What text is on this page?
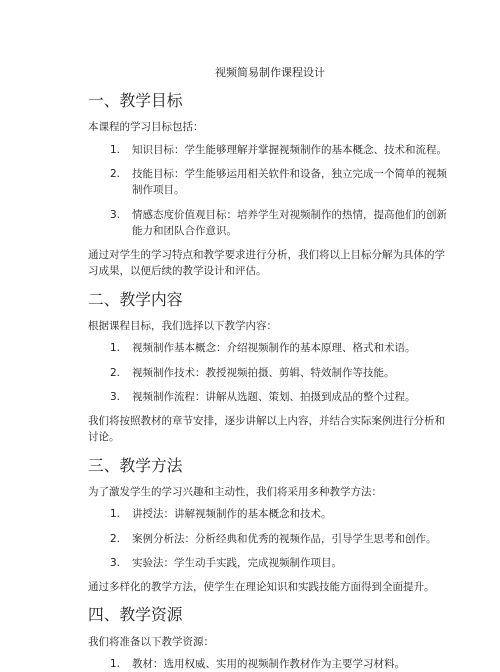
视频简易制作课程设计
一、教学目标

本课程的学习目标包括：

1. 知识目标：学生能够理解并掌握视频制作的基本概念、技术和流程。
2. 技能目标：学生能够运用相关软件和设备，独立完成一个简单的视频制作项目。
3. 情感态度价值观目标：培养学生对视频制作的热情，提高他们的创新能力和团队合作意识。

通过对学生的学习特点和教学要求进行分析，我们将以上目标分解为具体的学习成果，以便后续的教学设计和评估。

二、教学内容

根据课程目标，我们选择以下教学内容：

1. 视频制作基本概念：介绍视频制作的基本原理、格式和术语。
2. 视频制作技术：教授视频拍摄、剪辑、特效制作等技能。
3. 视频制作流程：讲解从选题、策划、拍摄到成品的整个过程。

我们将按照教材的章节安排，逐步讲解以上内容，并结合实际案例进行分析和讨论。

三、教学方法

为了激发学生的学习兴趣和主动性，我们将采用多种教学方法：

1. 讲授法：讲解视频制作的基本概念和技术。
2. 案例分析法：分析经典和优秀的视频作品，引导学生思考和创作。
3. 实验法：学生动手实践，完成视频制作项目。

通过多样化的教学方法，使学生在理论知识和实践技能方面得到全面提升。

四、教学资源

我们将准备以下教学资源：

1. 教材：选用权威、实用的视频制作教材作为主要学习材料。
